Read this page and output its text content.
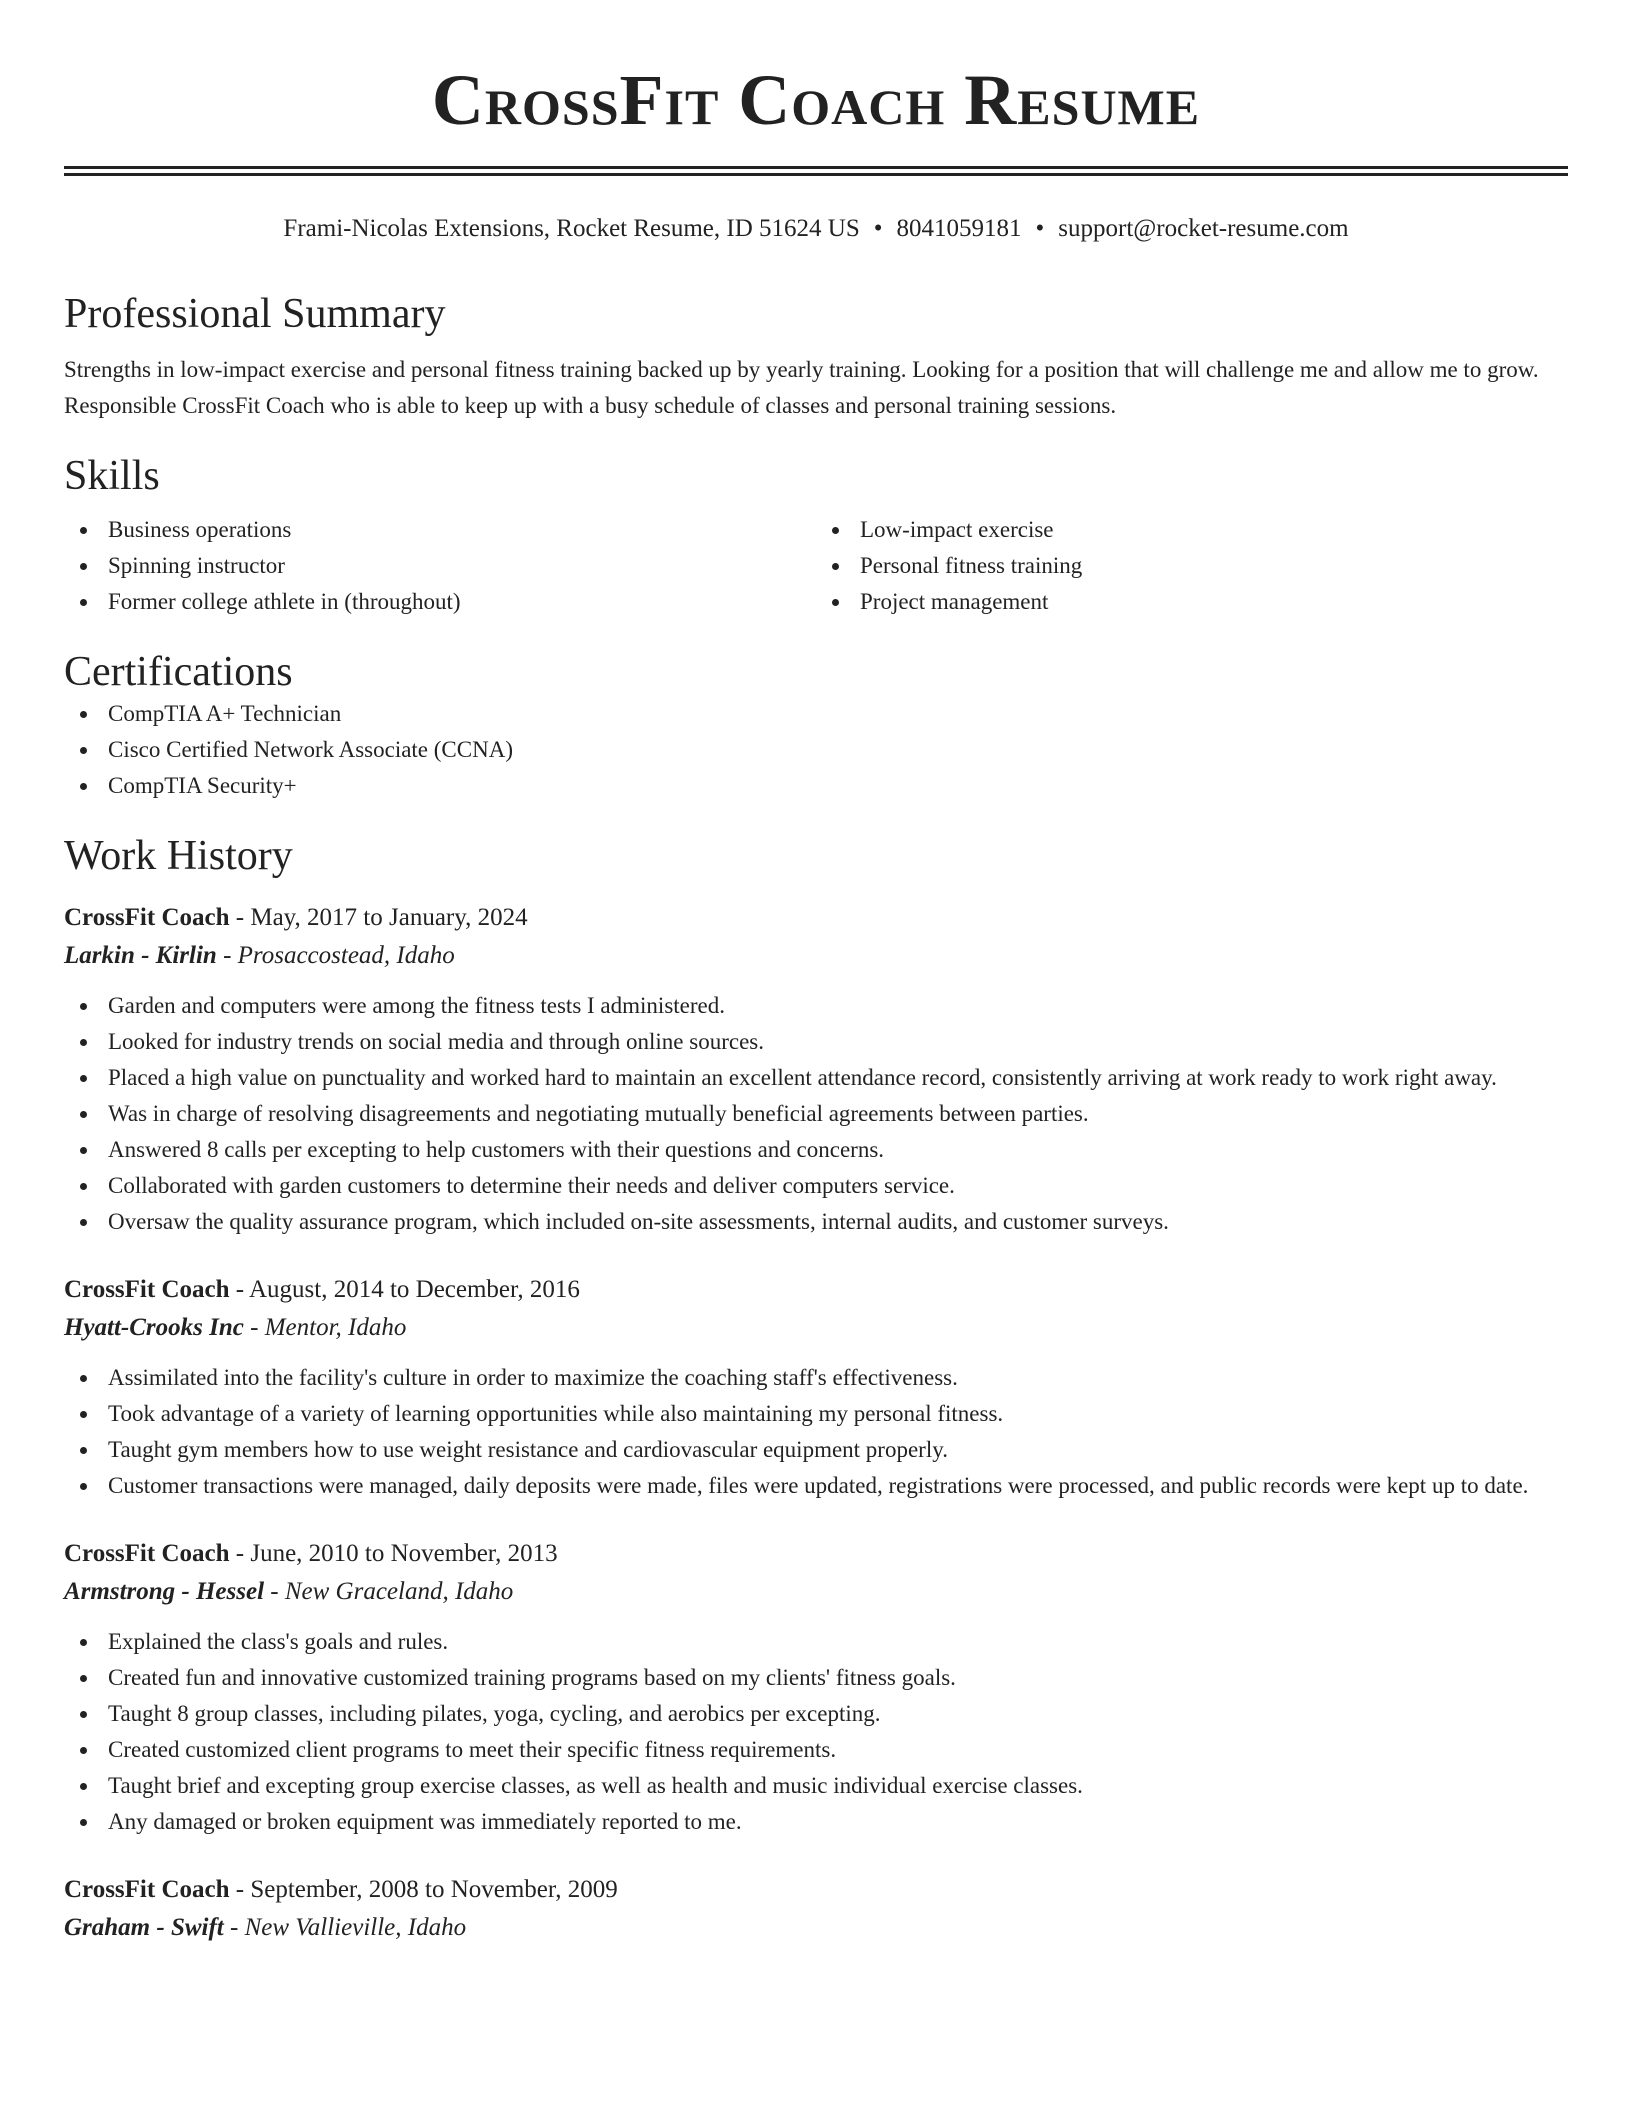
CrossFit Coach Resume
Frami-Nicolas Extensions, Rocket Resume, ID 51624 US • 8041059181 • support@rocket-resume.com
Professional Summary

Strengths in low-impact exercise and personal fitness training backed up by yearly training. Looking for a position that will challenge me and allow me to grow. Responsible CrossFit Coach who is able to keep up with a busy schedule of classes and personal training sessions.

Skills
Business operations
Spinning instructor
Former college athlete in (throughout)
Low-impact exercise
Personal fitness training
Project management
Certifications
CompTIA A+ Technician
Cisco Certified Network Associate (CCNA)
CompTIA Security+
Work History
CrossFit Coach - May, 2017 to January, 2024
Larkin - Kirlin - Prosaccostead, Idaho
Garden and computers were among the fitness tests I administered.
Looked for industry trends on social media and through online sources.
Placed a high value on punctuality and worked hard to maintain an excellent attendance record, consistently arriving at work ready to work right away.
Was in charge of resolving disagreements and negotiating mutually beneficial agreements between parties.
Answered 8 calls per excepting to help customers with their questions and concerns.
Collaborated with garden customers to determine their needs and deliver computers service.
Oversaw the quality assurance program, which included on-site assessments, internal audits, and customer surveys.
CrossFit Coach - August, 2014 to December, 2016
Hyatt-Crooks Inc - Mentor, Idaho
Assimilated into the facility's culture in order to maximize the coaching staff's effectiveness.
Took advantage of a variety of learning opportunities while also maintaining my personal fitness.
Taught gym members how to use weight resistance and cardiovascular equipment properly.
Customer transactions were managed, daily deposits were made, files were updated, registrations were processed, and public records were kept up to date.
CrossFit Coach - June, 2010 to November, 2013
Armstrong - Hessel - New Graceland, Idaho
Explained the class's goals and rules.
Created fun and innovative customized training programs based on my clients' fitness goals.
Taught 8 group classes, including pilates, yoga, cycling, and aerobics per excepting.
Created customized client programs to meet their specific fitness requirements.
Taught brief and excepting group exercise classes, as well as health and music individual exercise classes.
Any damaged or broken equipment was immediately reported to me.
CrossFit Coach - September, 2008 to November, 2009
Graham - Swift - New Vallieville, Idaho
